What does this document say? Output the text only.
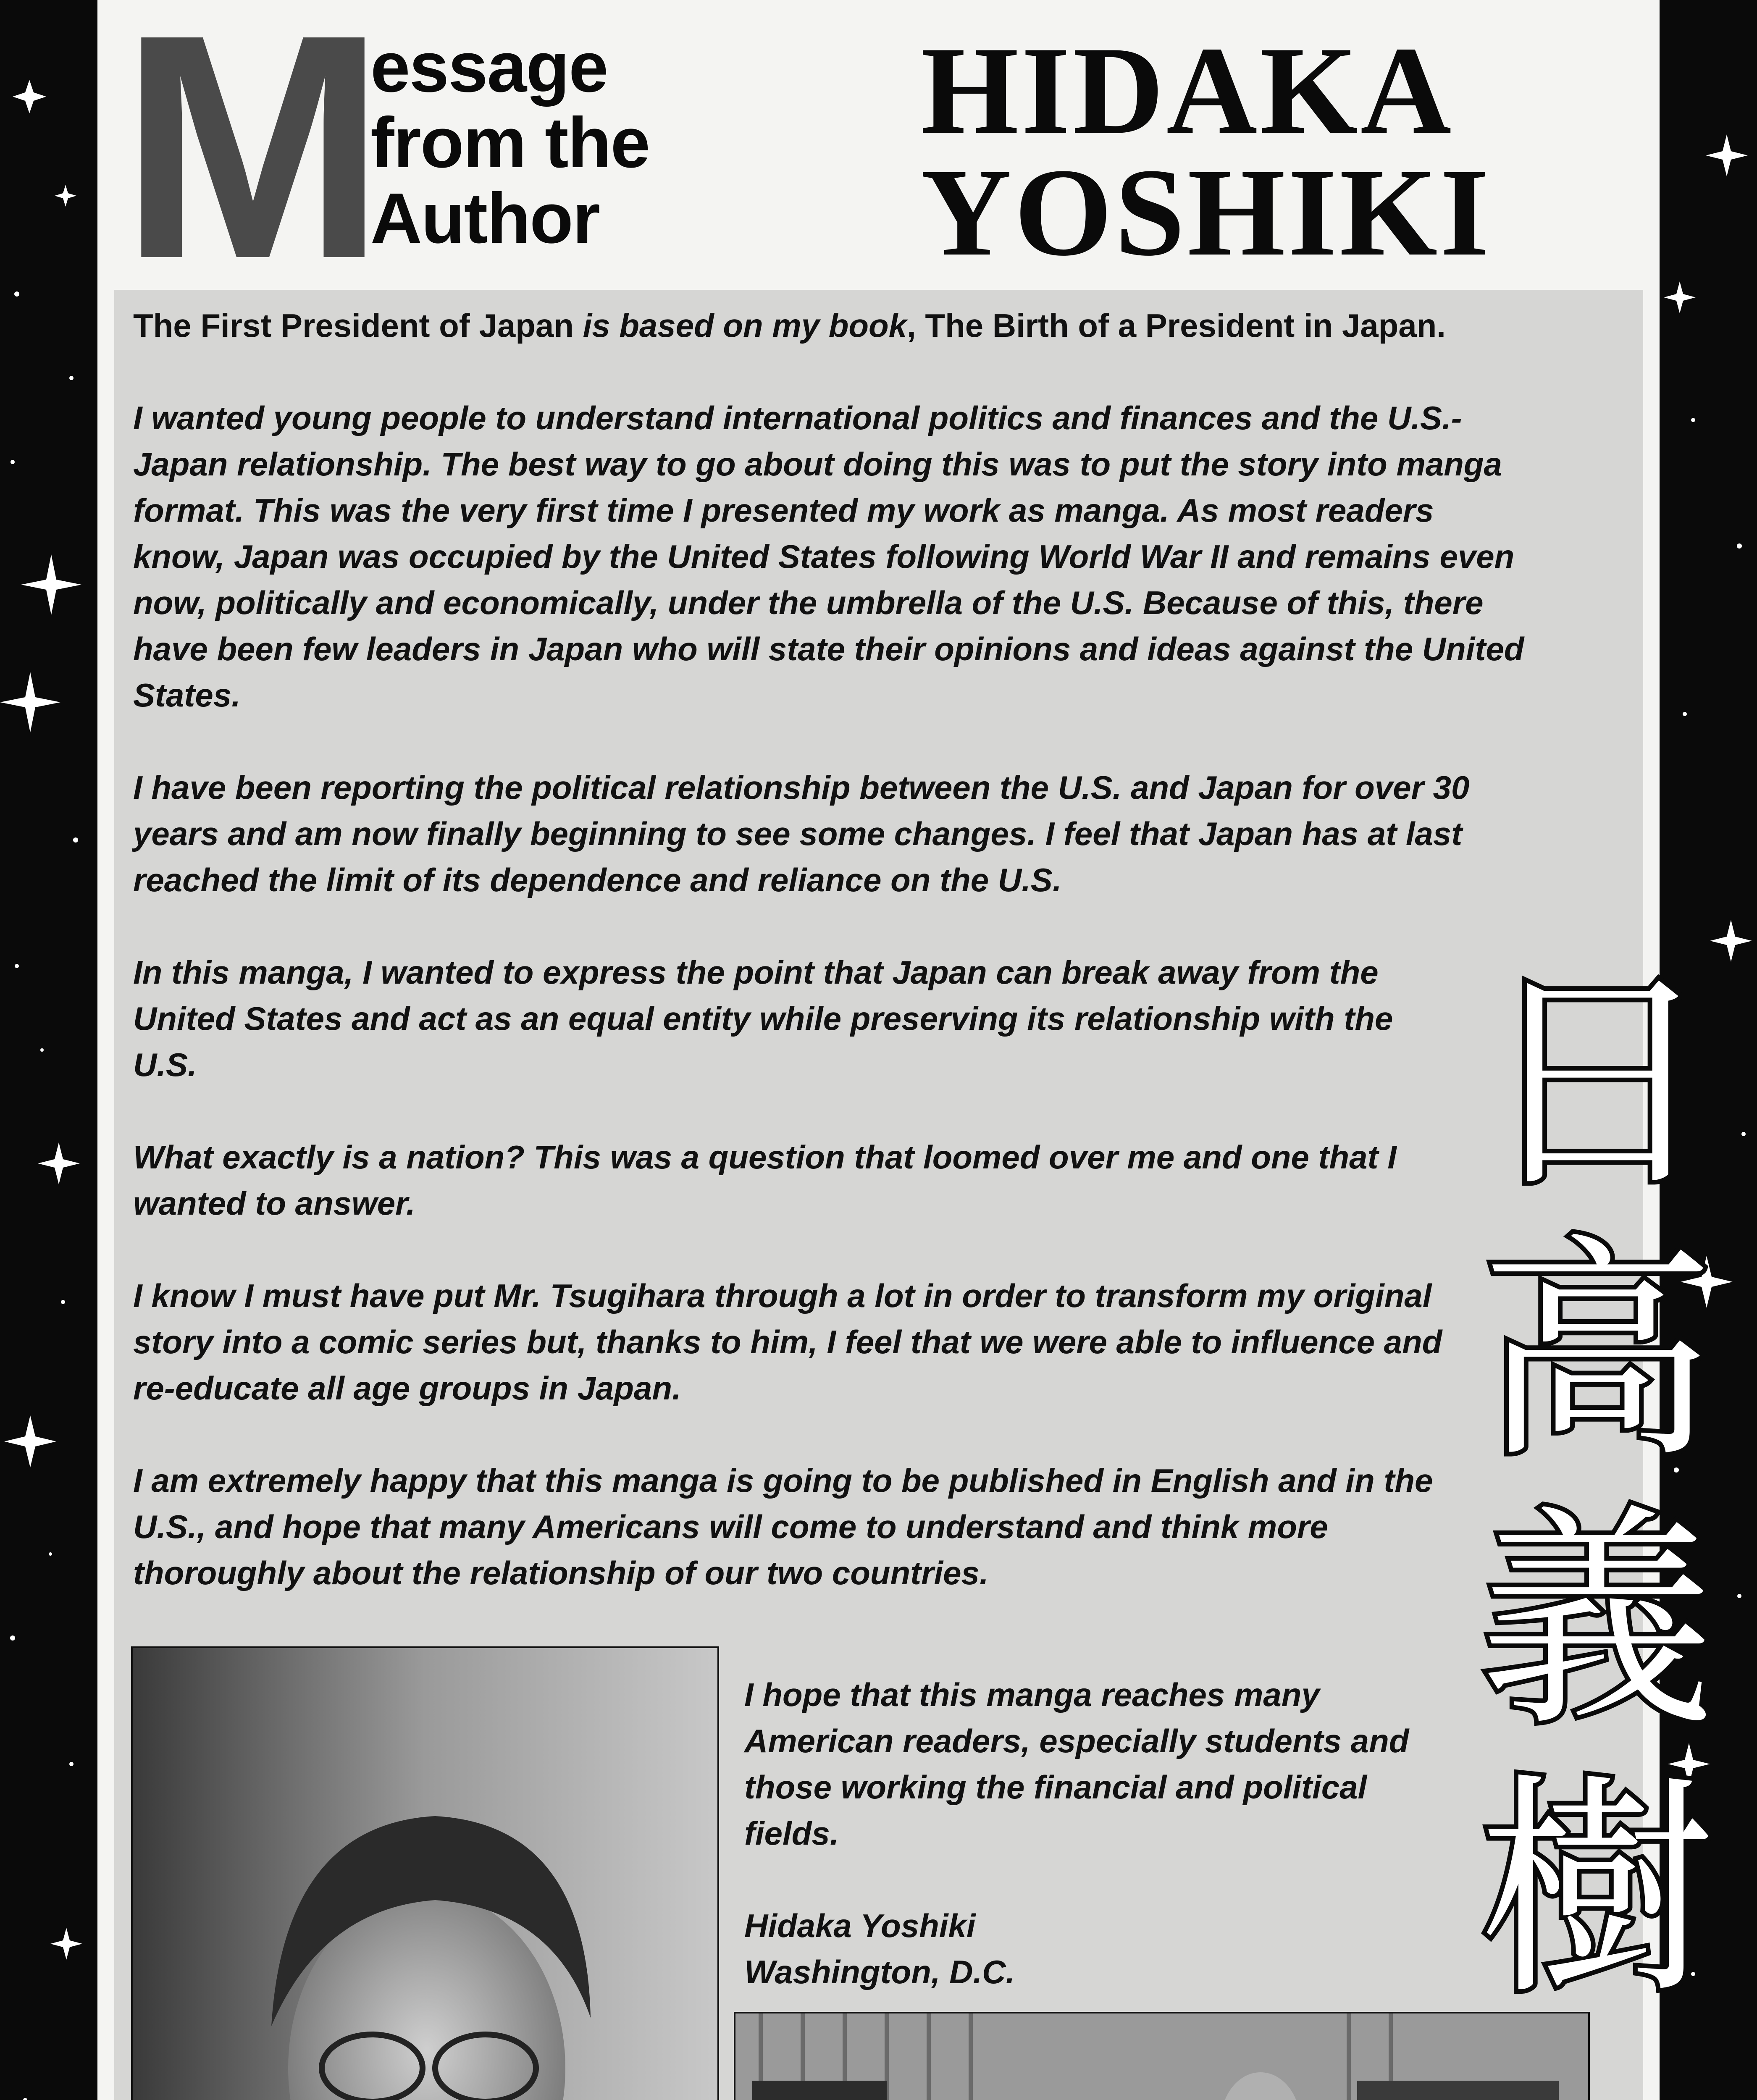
M
essage
from the
Author
HIDAKA
YOSHIKI

The First President of Japan is based on my book, The Birth of a President in Japan.

I wanted young people to understand international politics and finances and the U.S.-Japan relationship. The best way to go about doing this was to put the story into manga format. This was the very first time I presented my work as manga. As most readers know, Japan was occupied by the United States following World War II and remains even now, politically and economically, under the umbrella of the U.S. Because of this, there have been few leaders in Japan who will state their opinions and ideas against the United States.

I have been reporting the political relationship between the U.S. and Japan for over 30 years and am now finally beginning to see some changes. I feel that Japan has at last reached the limit of its dependence and reliance on the U.S.

In this manga, I wanted to express the point that Japan can break away from the United States and act as an equal entity while preserving its relationship with the U.S.

What exactly is a nation? This was a question that loomed over me and one that I wanted to answer.

I know I must have put Mr. Tsugihara through a lot in order to transform my original story into a comic series but, thanks to him, I feel that we were able to influence and re-educate all age groups in Japan.

I am extremely happy that this manga is going to be published in English and in the U.S., and hope that many Americans will come to understand and think more thoroughly about the relationship of our two countries.

I hope that this manga reaches many American readers, especially students and those working the financial and political fields.

Hidaka Yoshiki
Washington, D.C.
日
高
義
樹
